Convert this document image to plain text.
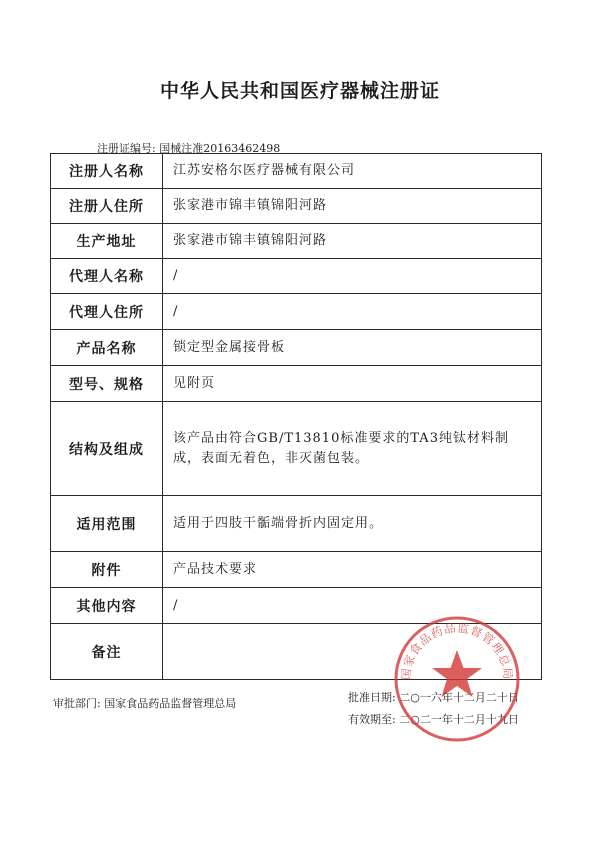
中华人民共和国医疗器械注册证
注册证编号: 国械注准20163462498
注册人名称	江苏安格尔医疗器械有限公司
注册人住所	张家港市锦丰镇锦阳河路
生产地址	张家港市锦丰镇锦阳河路
代理人名称	/
代理人住所	/
产品名称	锁定型金属接骨板
型号、规格	见附页
结构及组成	该产品由符合GB/T13810标准要求的TA3纯钛材料制成，表面无着色，非灭菌包装。
适用范围	适用于四肢干骺端骨折内固定用。
附件	产品技术要求
其他内容	/
备注	
审批部门: 国家食品药品监督管理总局	批准日期: 二○一六年十二月二十日
有效期至: 二○二一年十二月十九日
国家食品药品监督管理总局
